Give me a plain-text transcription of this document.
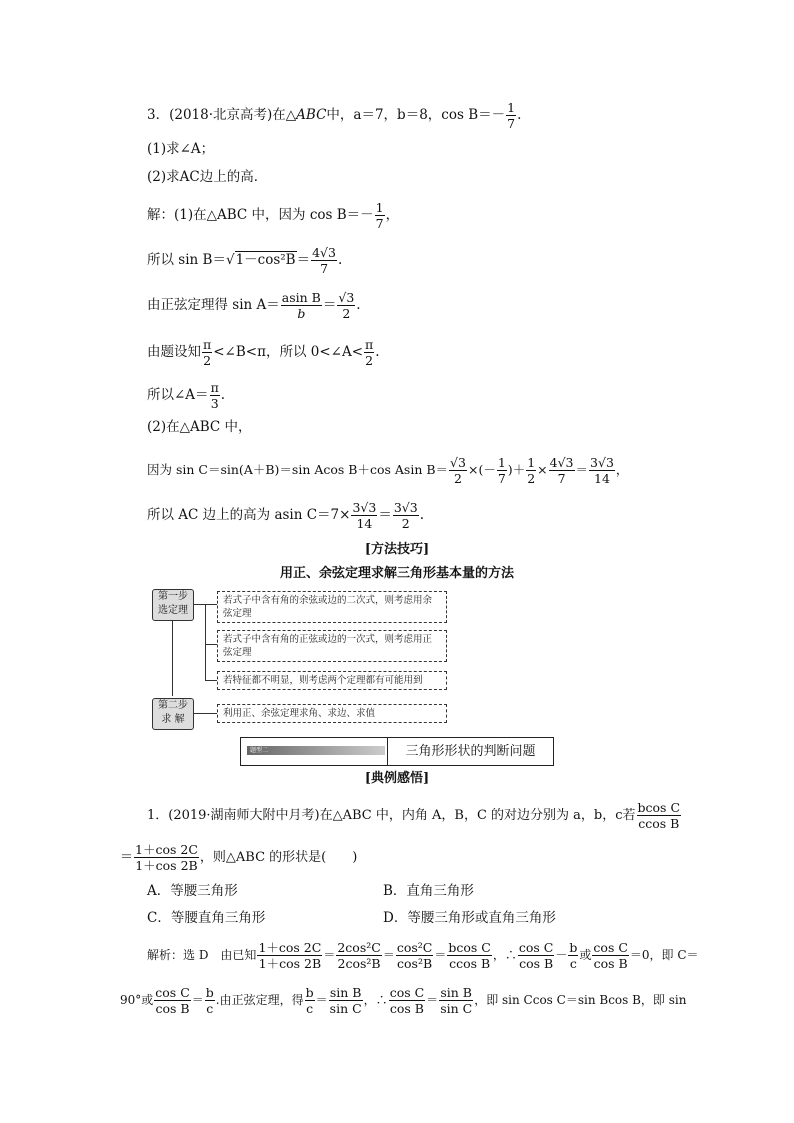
3．(2018·北京高考)在△ABC中，a＝7，b＝8，$\cos B=- \frac{1}{7}$ .
(1)求∠A；
(2)求AC边上的高．
解：(1)在△ABC 中，因为 $\cos B=- \frac{1}{7}$ ，
所以 $\sin B=√1-\cos^2B= \frac{4√3}{7}$ .
由正弦定理得 $\sin A= \frac{\text{asin B}}{b} = \frac{√3}{2}$ .
由题设知 $\frac{\pi}{2}$ <∠B<π，所以 0<∠A< $\frac{\pi}{2}$ .
所以∠A＝ $\frac{\pi}{3}$ .
(2)在△ABC 中，
因为 sin C＝sin(A＋B)＝sin Acos B＋cos Asin $B= \frac{√3}{2}$ ×(－ $\frac{1}{7}$ )＋ $\frac{1}{2} \times \frac{4√3}{7} = \frac{3√3}{14}$ ，
所以 AC 边上的高为 asin $C=7\times \frac{3√3}{14} = \frac{3√3}{2}$ .
[方法技巧]
用正、余弦定理求解三角形基本量的方法
第一步
选定理
第二步
求 解
若式子中含有角的余弦或边的二次式，则考虑用余弦定理
若式子中含有角的正弦或边的一次式，则考虑用正弦定理
若特征都不明显，则考虑两个定理都有可能用到
利用正、余弦定理求角、求边、求值
题型二	三角形形状的判断问题
[典例感悟]
1．(2019·湖南师大附中月考)在△ABC 中，内角 A，B，C 的对边分别为 a，b，c若 $\frac{\text{bcos C}}{\text{ccos B}}$
＝ $\frac{1+\cos 2C}{1+\cos 2B}$ ，则△ABC 的形状是(　　)
A．等腰三角形	B．直角三角形
C．等腰直角三角形	D．等腰三角形或直角三角形
解析：选 D　由已知 $\frac{1+\cos 2C}{1+\cos 2B} = \frac{\text{2cos²C}}{\text{2cos²B}} = \frac{\text{cos²C}}{\text{cos²B}} = \frac{\text{bcos C}}{\text{ccos B}}$ ，∴ $\frac{\text{cos C}}{\text{cos B}} - \frac{b}{c}$ 或 $\frac{\text{cos C}}{\text{cos B}} =0$，即 C＝
90°或 $\frac{\text{cos C}}{\text{cos B}} = \frac{b}{c}$ .由正弦定理，得 $\frac{b}{c} = \frac{\text{sin B}}{\text{sin C}}$ ，∴ $\frac{\text{cos C}}{\text{cos B}} = \frac{\text{sin B}}{\text{sin C}}$ ，即 sin Ccos C＝sin Bcos B，即 sin
